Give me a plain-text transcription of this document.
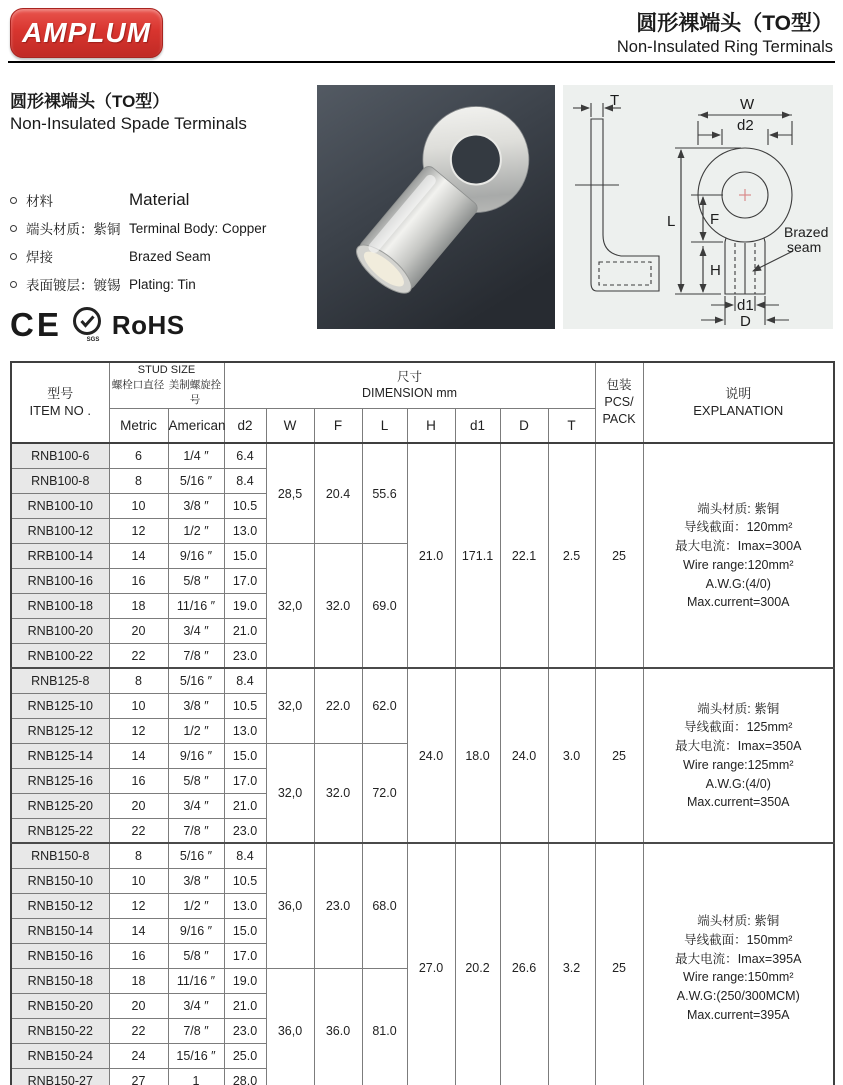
AMPLUM	圆形裸端头（TO型）
Non-Insulated Ring Terminals
圆形裸端头（TO型）
Non-Insulated Spade Terminals
材料	Material
端头材质：紫铜 Terminal Body: Copper
焊接	Brazed Seam
表面镀层：镀锡 Plating: Tin
CE	SGS
RoHS
T	W
d2
L F
H
d1
D
Brazed
seam
型号
ITEM NO .

STUD SIZE
螺栓口直径 美制螺旋拴号

尺寸
DIMENSION mm

包装
PCS/
PACK

说明
EXPLANATION

	Metric	American	d2	W	F	L	H	d1	D	T		
RNB100-6	6	1/4 ″	6.4	28,5	20.4	55.6	21.0	171.1	22.1	2.5	25	
端头材质: 紫铜
导线截面：120mm²
最大电流：Ⅰmax=300A
Wire range:120mm²
A.W.G:(4/0)
Max.current=300A

RNB100-8	8	5/16 ″	8.4									
RNB100-10	10	3/8 ″	10.5									
RNB100-12	12	1/2 ″	13.0									
RRB100-14	14	9/16 ″	15.0	32,0	32.0	69.0						
RNB100-16	16	5/8 ″	17.0									
RNB100-18	18	11/16 ″	19.0									
RNB100-20	20	3/4 ″	21.0									
RNB100-22	22	7/8 ″	23.0									
RNB125-8	8	5/16 ″	8.4	32,0	22.0	62.0	24.0	18.0	24.0	3.0	25	
端头材质: 紫铜
导线截面：125mm²
最大电流：Ⅰmax=350A
Wire range:125mm²
A.W.G:(4/0)
Max.current=350A

RNB125-10	10	3/8 ″	10.5									
RNB125-12	12	1/2 ″	13.0									
RNB125-14	14	9/16 ″	15.0	32,0	32.0	72.0						
RNB125-16	16	5/8 ″	17.0									
RNB125-20	20	3/4 ″	21.0									
RNB125-22	22	7/8 ″	23.0									
RNB150-8	8	5/16 ″	8.4	36,0	23.0	68.0	27.0	20.2	26.6	3.2	25	
端头材质: 紫铜
导线截面：150mm²
最大电流：Ⅰmax=395A
Wire range:150mm²
A.W.G:(250/300MCM)
Max.current=395A

RNB150-10	10	3/8 ″	10.5									
RNB150-12	12	1/2 ″	13.0									
RNB150-14	14	9/16 ″	15.0									
RNB150-16	16	5/8 ″	17.0									
RNB150-18	18	11/16 ″	19.0	36,0	36.0	81.0						
RNB150-20	20	3/4 ″	21.0									
RNB150-22	22	7/8 ″	23.0									
RNB150-24	24	15/16 ″	25.0									
RNB150-27	27	1	28.0									
